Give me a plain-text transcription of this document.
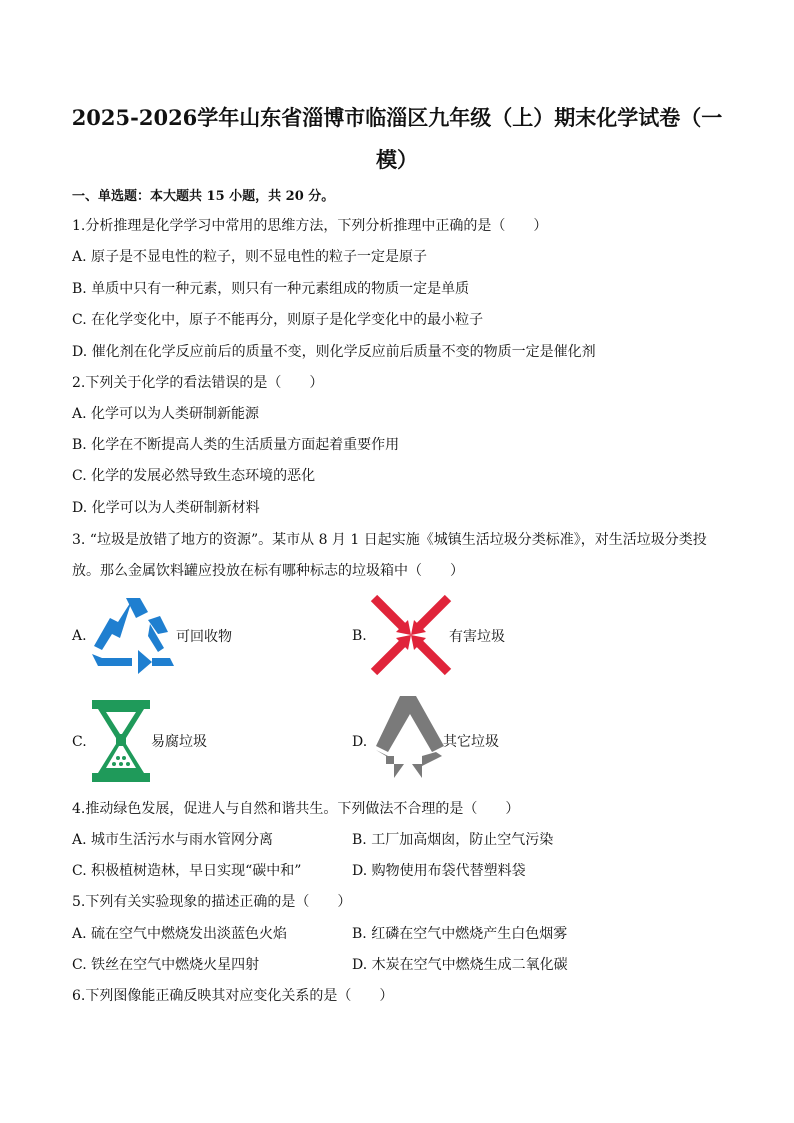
2025-2026学年山东省淄博市临淄区九年级（上）期末化学试卷（一
模）
一、单选题：本大题共 15 小题，共 20 分。
1.分析推理是化学学习中常用的思维方法，下列分析推理中正确的是（　　）
A. 原子是不显电性的粒子，则不显电性的粒子一定是原子
B. 单质中只有一种元素，则只有一种元素组成的物质一定是单质
C. 在化学变化中，原子不能再分，则原子是化学变化中的最小粒子
D. 催化剂在化学反应前后的质量不变，则化学反应前后质量不变的物质一定是催化剂
2.下列关于化学的看法错误的是（　　）
A. 化学可以为人类研制新能源
B. 化学在不断提高人类的生活质量方面起着重要作用
C. 化学的发展必然导致生态环境的恶化
D. 化学可以为人类研制新材料
3. “垃圾是放错了地方的资源”。某市从 8 月 1 日起实施《城镇生活垃圾分类标准》，对生活垃圾分类投
放。那么金属饮料罐应投放在标有哪种标志的垃圾箱中（　　）
A.	可回收物	B.	有害垃圾
C.	易腐垃圾	D.	其它垃圾
4.推动绿色发展，促进人与自然和谐共生。下列做法不合理的是（　　）
A. 城市生活污水与雨水管网分离	B. 工厂加高烟囱，防止空气污染
C. 积极植树造林，早日实现“碳中和”	D. 购物使用布袋代替塑料袋
5.下列有关实验现象的描述正确的是（　　）
A. 硫在空气中燃烧发出淡蓝色火焰	B. 红磷在空气中燃烧产生白色烟雾
C. 铁丝在空气中燃烧火星四射	D. 木炭在空气中燃烧生成二氧化碳
6.下列图像能正确反映其对应变化关系的是（　　）
